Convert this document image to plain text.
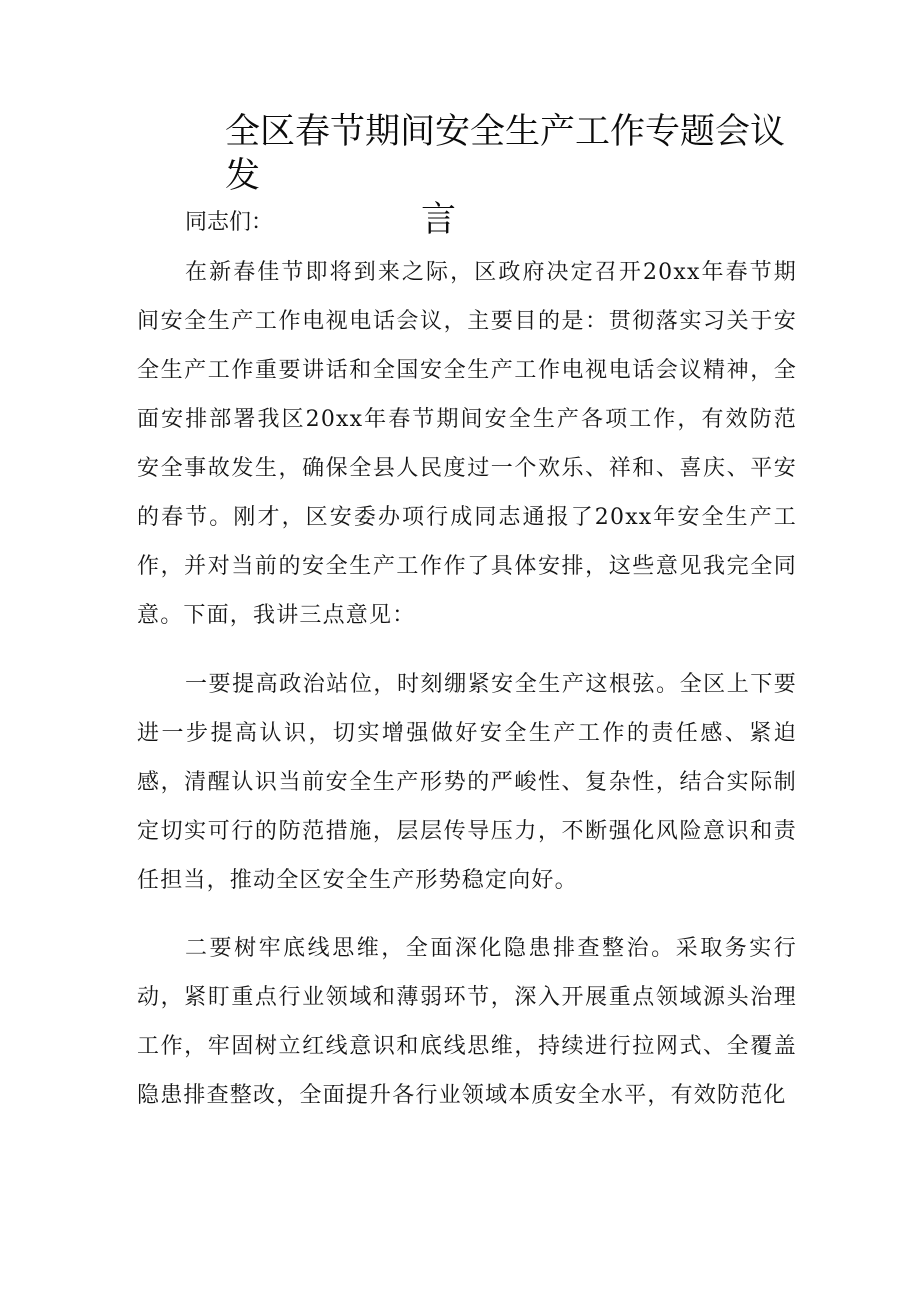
全区春节期间安全生产工作专题会议发
言

同志们：

在新春佳节即将到来之际，区政府决定召开20xx年春节期间安全生产工作电视电话会议，主要目的是：贯彻落实习关于安全生产工作重要讲话和全国安全生产工作电视电话会议精神，全面安排部署我区20xx年春节期间安全生产各项工作，有效防范安全事故发生，确保全县人民度过一个欢乐、祥和、喜庆、平安的春节。刚才，区安委办项行成同志通报了20xx年安全生产工作，并对当前的安全生产工作作了具体安排，这些意见我完全同意。下面，我讲三点意见：

一要提高政治站位，时刻绷紧安全生产这根弦。全区上下要进一步提高认识，切实增强做好安全生产工作的责任感、紧迫感，清醒认识当前安全生产形势的严峻性、复杂性，结合实际制定切实可行的防范措施，层层传导压力，不断强化风险意识和责任担当，推动全区安全生产形势稳定向好。

二要树牢底线思维，全面深化隐患排查整治。采取务实行动，紧盯重点行业领域和薄弱环节，深入开展重点领域源头治理工作，牢固树立红线意识和底线思维，持续进行拉网式、全覆盖隐患排查整改，全面提升各行业领域本质安全水平，有效防范化
